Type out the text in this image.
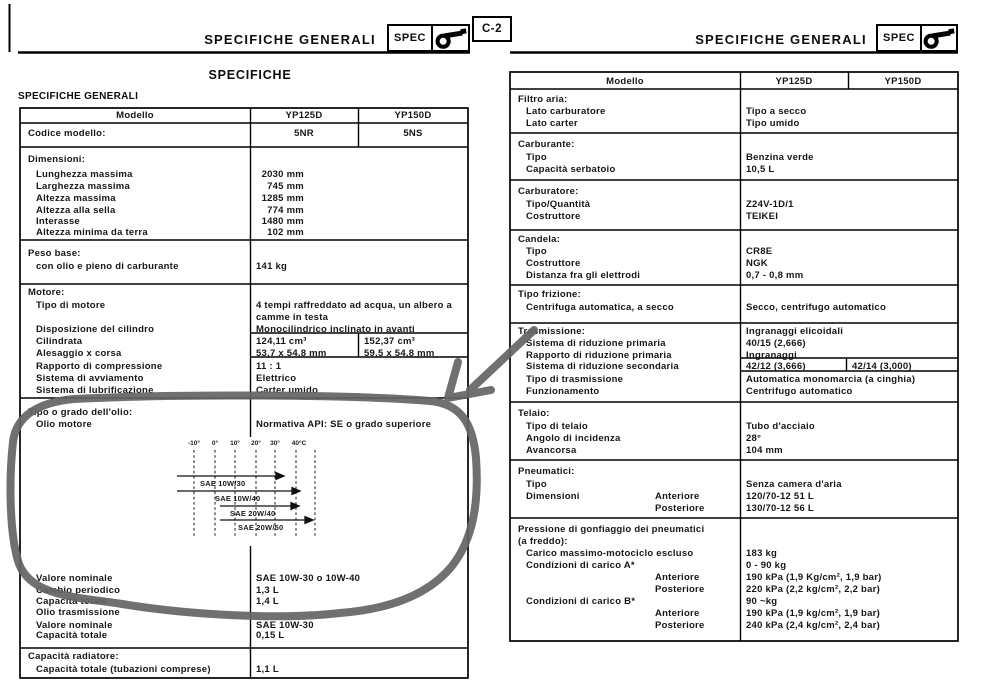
SPECIFICHE GENERALI	SPEC
C-2
SPECIFICHE
SPECIFICHE GENERALI
Modello	YP125D	YP150D
Codice modello:	5NR	5NS
Dimensioni:
Lunghezza massima	2030 mm
Larghezza massima	745 mm
Altezza massima	1285 mm
Altezza alla sella	774 mm
Interasse	1480 mm
Altezza minima da terra	102 mm
Peso base:
con olio e pieno di carburante	141 kg
Motore:
Tipo di motore	4 tempi raffreddato ad acqua, un albero a
camme in testa
Disposizione del cilindro	Monocilindrico inclinato in avanti
Cilindrata	124,11 cm³	152,37 cm³
Alesaggio x corsa	53,7 x 54,8 mm	59,5 x 54,8 mm
Rapporto di compressione	11 : 1
Sistema di avviamento	Elettrico
Sistema di lubrificazione	Carter umido
Tipo o grado dell'olio:
Olio motore	Normativa API: SE o grado superiore
-10°	0°	10°	20°	30°	40°C
SAE 10W/30
SAE 10W/40
SAE 20W/40
SAE 20W/50
Valore nominale	SAE 10W-30 o 10W-40
Cambio periodico	1,3 L
Capacità totale	1,4 L
Olio trasmissione
Valore nominale	SAE 10W-30
Capacità totale	0,15 L
Capacità radiatore:
Capacità totale (tubazioni comprese)	1,1 L
SPECIFICHE GENERALI	SPEC
Modello	YP125D	YP150D
Filtro aria:
Lato carburatore	Tipo a secco
Lato carter	Tipo umido
Carburante:
Tipo	Benzina verde
Capacità serbatoio	10,5 L
Carburatore:
Tipo/Quantità	Z24V-1D/1
Costruttore	TEIKEI
Candela:
Tipo	CR8E
Costruttore	NGK
Distanza fra gli elettrodi	0,7 - 0,8 mm
Tipo frizione:
Centrifuga automatica, a secco	Secco, centrifugo automatico
Trasmissione:	Ingranaggi elicoidali
Sistema di riduzione primaria	40/15 (2,666)
Rapporto di riduzione primaria	Ingranaggi
Sistema di riduzione secondaria	42/12 (3,666)	42/14 (3,000)
Tipo di trasmissione	Automatica monomarcia (a cinghia)
Funzionamento	Centrifugo automatico
Telaio:
Tipo di telaio	Tubo d'acciaio
Angolo di incidenza	28°
Avancorsa	104 mm
Pneumatici:
Tipo	Senza camera d'aria
Dimensioni	Anteriore	120/70-12 51 L
Posteriore	130/70-12 56 L
Pressione di gonfiaggio dei pneumatici
(a freddo):
Carico massimo-motociclo escluso	183 kg
Condizioni di carico A*	0 - 90 kg
Anteriore	190 kPa (1,9 Kg/cm², 1,9 bar)
Posteriore	220 kPa (2,2 kg/cm², 2,2 bar)
Condizioni di carico B*	90 ~kg
Anteriore	190 kPa (1,9 kg/cm², 1,9 bar)
Posteriore	240 kPa (2,4 kg/cm², 2,4 bar)
